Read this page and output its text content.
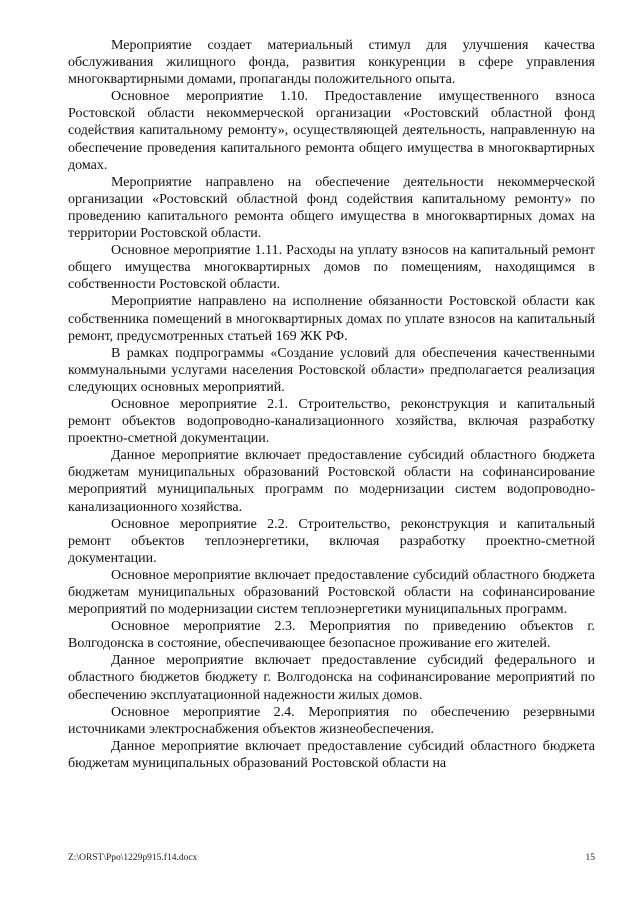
Мероприятие создает материальный стимул для улучшения качества обслуживания жилищного фонда, развития конкуренции в сфере управления многоквартирными домами, пропаганды положительного опыта.

Основное мероприятие 1.10. Предоставление имущественного взноса Ростовской области некоммерческой организации «Ростовский областной фонд содействия капитальному ремонту», осуществляющей деятельность, направленную на обеспечение проведения капитального ремонта общего имущества в многоквартирных домах.

Мероприятие направлено на обеспечение деятельности некоммерческой организации «Ростовский областной фонд содействия капитальному ремонту» по проведению капитального ремонта общего имущества в многоквартирных домах на территории Ростовской области.

Основное мероприятие 1.11. Расходы на уплату взносов на капитальный ремонт общего имущества многоквартирных домов по помещениям, находящимся в собственности Ростовской области.

Мероприятие направлено на исполнение обязанности Ростовской области как собственника помещений в многоквартирных домах по уплате взносов на капитальный ремонт, предусмотренных статьей 169 ЖК РФ.

В рамках подпрограммы «Создание условий для обеспечения качественными коммунальными услугами населения Ростовской области» предполагается реализация следующих основных мероприятий.

Основное мероприятие 2.1. Строительство, реконструкция и капитальный ремонт объектов водопроводно-канализационного хозяйства, включая разработку проектно-сметной документации.

Данное мероприятие включает предоставление субсидий областного бюджета бюджетам муниципальных образований Ростовской области на софинансирование мероприятий муниципальных программ по модернизации систем водопроводно-канализационного хозяйства.

Основное мероприятие 2.2. Строительство, реконструкция и капитальный ремонт объектов теплоэнергетики, включая разработку проектно-сметной документации.

Основное мероприятие включает предоставление субсидий областного бюджета бюджетам муниципальных образований Ростовской области на софинансирование мероприятий по модернизации систем теплоэнергетики муниципальных программ.

Основное мероприятие 2.3. Мероприятия по приведению объектов г. Волгодонска в состояние, обеспечивающее безопасное проживание его жителей.

Данное мероприятие включает предоставление субсидий федерального и областного бюджетов бюджету г. Волгодонска на софинансирование мероприятий по обеспечению эксплуатационной надежности жилых домов.

Основное мероприятие 2.4. Мероприятия по обеспечению резервными источниками электроснабжения объектов жизнеобеспечения.

Данное мероприятие включает предоставление субсидий областного бюджета бюджетам муниципальных образований Ростовской области на

Z:\ORST\Ppo\1229p915.f14.docx	15
